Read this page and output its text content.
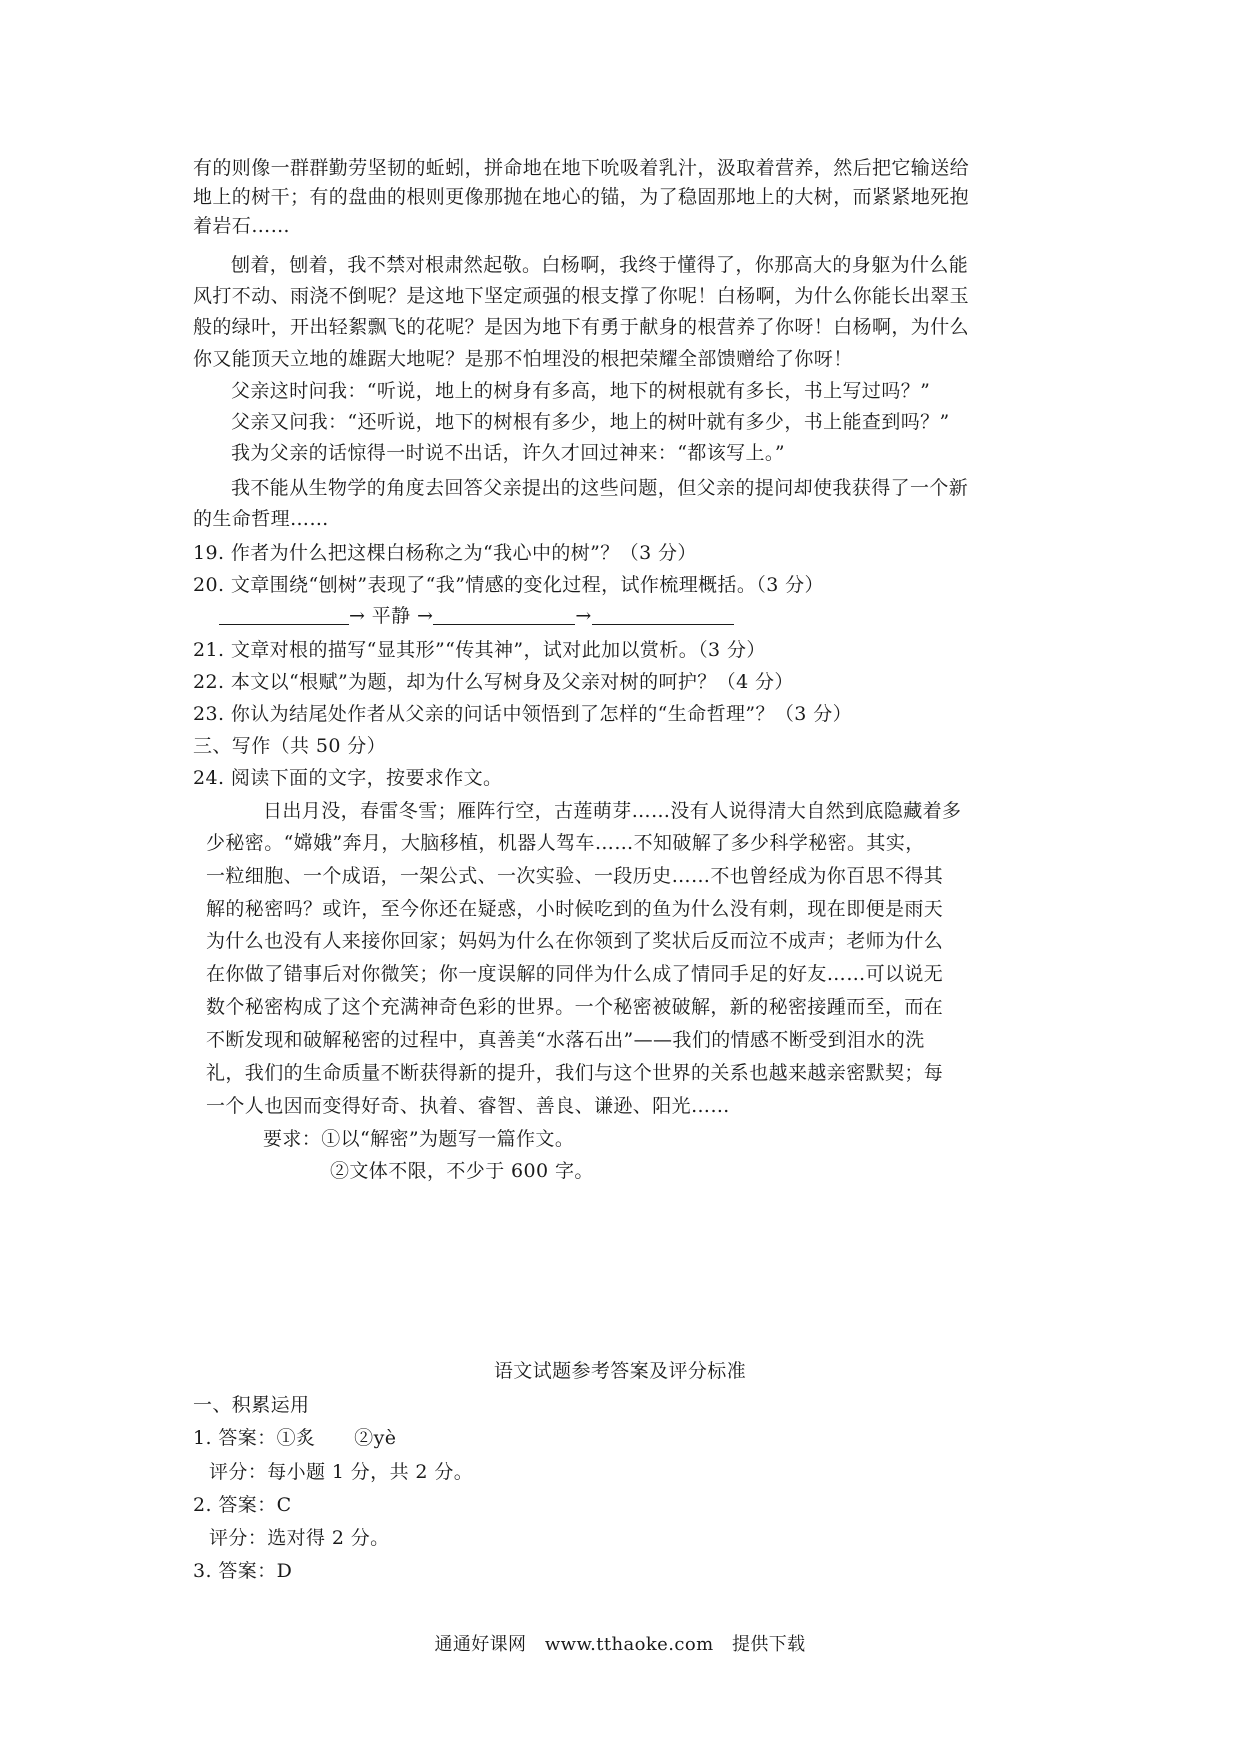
有的则像一群群勤劳坚韧的蚯蚓，拼命地在地下吮吸着乳汁，汲取着营养，然后把它输送给
地上的树干；有的盘曲的根则更像那抛在地心的锚，为了稳固那地上的大树，而紧紧地死抱
着岩石……
刨着，刨着，我不禁对根肃然起敬。白杨啊，我终于懂得了，你那高大的身躯为什么能
风打不动、雨浇不倒呢？是这地下坚定顽强的根支撑了你呢！白杨啊，为什么你能长出翠玉
般的绿叶，开出轻絮飘飞的花呢？是因为地下有勇于献身的根营养了你呀！白杨啊，为什么
你又能顶天立地的雄踞大地呢？是那不怕埋没的根把荣耀全部馈赠给了你呀！
父亲这时问我：“听说，地上的树身有多高，地下的树根就有多长，书上写过吗？”
父亲又问我：“还听说，地下的树根有多少，地上的树叶就有多少，书上能查到吗？”
我为父亲的话惊得一时说不出话，许久才回过神来：“都该写上。”
我不能从生物学的角度去回答父亲提出的这些问题，但父亲的提问却使我获得了一个新
的生命哲理……
19. 作者为什么把这棵白杨称之为“我心中的树”？（3 分）
20. 文章围绕“刨树”表现了“我”情感的变化过程，试作梳理概括。（3 分）
→ 平静 →	→
21. 文章对根的描写“显其形”“传其神”，试对此加以赏析。（3 分）
22. 本文以“根赋”为题，却为什么写树身及父亲对树的呵护？（4 分）
23. 你认为结尾处作者从父亲的问话中领悟到了怎样的“生命哲理”？（3 分）
三、写作（共 50 分）
24. 阅读下面的文字，按要求作文。
日出月没，春雷冬雪；雁阵行空，古莲萌芽……没有人说得清大自然到底隐藏着多
少秘密。“嫦娥”奔月，大脑移植，机器人驾车……不知破解了多少科学秘密。其实，
一粒细胞、一个成语，一架公式、一次实验、一段历史……不也曾经成为你百思不得其
解的秘密吗？或许，至今你还在疑惑，小时候吃到的鱼为什么没有刺，现在即便是雨天
为什么也没有人来接你回家；妈妈为什么在你领到了奖状后反而泣不成声；老师为什么
在你做了错事后对你微笑；你一度误解的同伴为什么成了情同手足的好友……可以说无
数个秘密构成了这个充满神奇色彩的世界。一个秘密被破解，新的秘密接踵而至，而在
不断发现和破解秘密的过程中，真善美“水落石出”——我们的情感不断受到泪水的洗
礼，我们的生命质量不断获得新的提升，我们与这个世界的关系也越来越亲密默契；每
一个人也因而变得好奇、执着、睿智、善良、谦逊、阳光……
要求：①以“解密”为题写一篇作文。
②文体不限，不少于 600 字。
语文试题参考答案及评分标准
一、积累运用
1. 答案：①炙　　②yè
评分：每小题 1 分，共 2 分。
2. 答案：C
评分：选对得 2 分。
3. 答案：D
通通好课网　www.tthaoke.com　提供下载
